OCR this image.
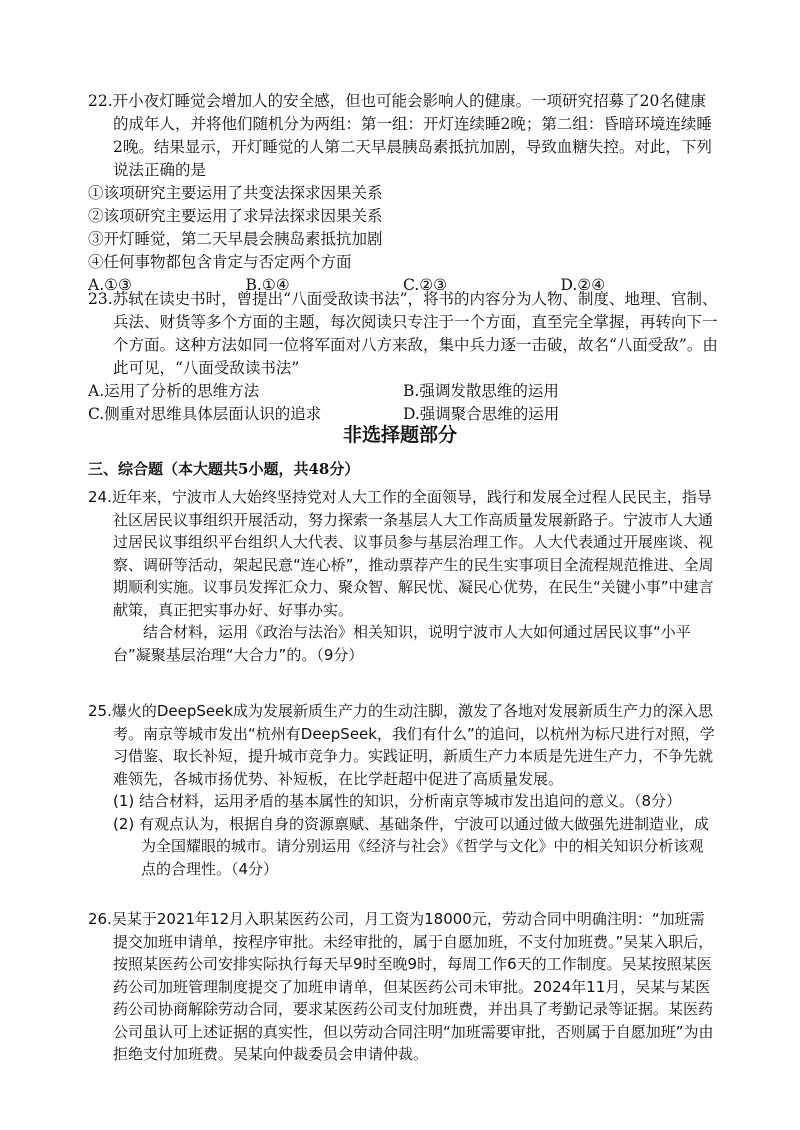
22.开小夜灯睡觉会增加人的安全感，但也可能会影响人的健康。一项研究招募了20名健康的成年人，并将他们随机分为两组：第一组：开灯连续睡2晚；第二组：昏暗环境连续睡2晚。结果显示，开灯睡觉的人第二天早晨胰岛素抵抗加剧，导致血糖失控。对此，下列说法正确的是

①该项研究主要运用了共变法探求因果关系

②该项研究主要运用了求异法探求因果关系

③开灯睡觉，第二天早晨会胰岛素抵抗加剧

④任何事物都包含肯定与否定两个方面

A.①③	B.①④	C.②③	D.②④

23.苏轼在读史书时，曾提出“八面受敌读书法”，将书的内容分为人物、制度、地理、官制、兵法、财货等多个方面的主题，每次阅读只专注于一个方面，直至完全掌握，再转向下一个方面。这种方法如同一位将军面对八方来敌，集中兵力逐一击破，故名“八面受敌”。由此可见，“八面受敌读书法”

A.运用了分析的思维方法	B.强调发散思维的运用
C.侧重对思维具体层面认识的追求	D.强调聚合思维的运用
非选择题部分
三、综合题（本大题共5小题，共48分）

24.近年来，宁波市人大始终坚持党对人大工作的全面领导，践行和发展全过程人民民主，指导社区居民议事组织开展活动，努力探索一条基层人大工作高质量发展新路子。宁波市人大通过居民议事组织平台组织人大代表、议事员参与基层治理工作。人大代表通过开展座谈、视察、调研等活动，架起民意“连心桥”，推动票荐产生的民生实事项目全流程规范推进、全周期顺利实施。议事员发挥汇众力、聚众智、解民忧、凝民心优势，在民生“关键小事”中建言献策，真正把实事办好、好事办实。

结合材料，运用《政治与法治》相关知识，说明宁波市人大如何通过居民议事“小平台”凝聚基层治理“大合力”的。（9分）

25.爆火的DeepSeek成为发展新质生产力的生动注脚，激发了各地对发展新质生产力的深入思考。南京等城市发出“杭州有DeepSeek，我们有什么”的追问，以杭州为标尺进行对照，学习借鉴、取长补短，提升城市竞争力。实践证明，新质生产力本质是先进生产力，不争先就难领先，各城市扬优势、补短板，在比学赶超中促进了高质量发展。

(1) 结合材料，运用矛盾的基本属性的知识，分析南京等城市发出追问的意义。（8分）

(2) 有观点认为，根据自身的资源禀赋、基础条件，宁波可以通过做大做强先进制造业，成为全国耀眼的城市。请分别运用《经济与社会》《哲学与文化》中的相关知识分析该观点的合理性。（4分）

26.吴某于2021年12月入职某医药公司，月工资为18000元，劳动合同中明确注明：“加班需提交加班申请单，按程序审批。未经审批的，属于自愿加班，不支付加班费。”吴某入职后，按照某医药公司安排实际执行每天早9时至晚9时，每周工作6天的工作制度。吴某按照某医药公司加班管理制度提交了加班申请单，但某医药公司未审批。2024年11月，吴某与某医药公司协商解除劳动合同，要求某医药公司支付加班费，并出具了考勤记录等证据。某医药公司虽认可上述证据的真实性，但以劳动合同注明“加班需要审批，否则属于自愿加班”为由拒绝支付加班费。吴某向仲裁委员会申请仲裁。
